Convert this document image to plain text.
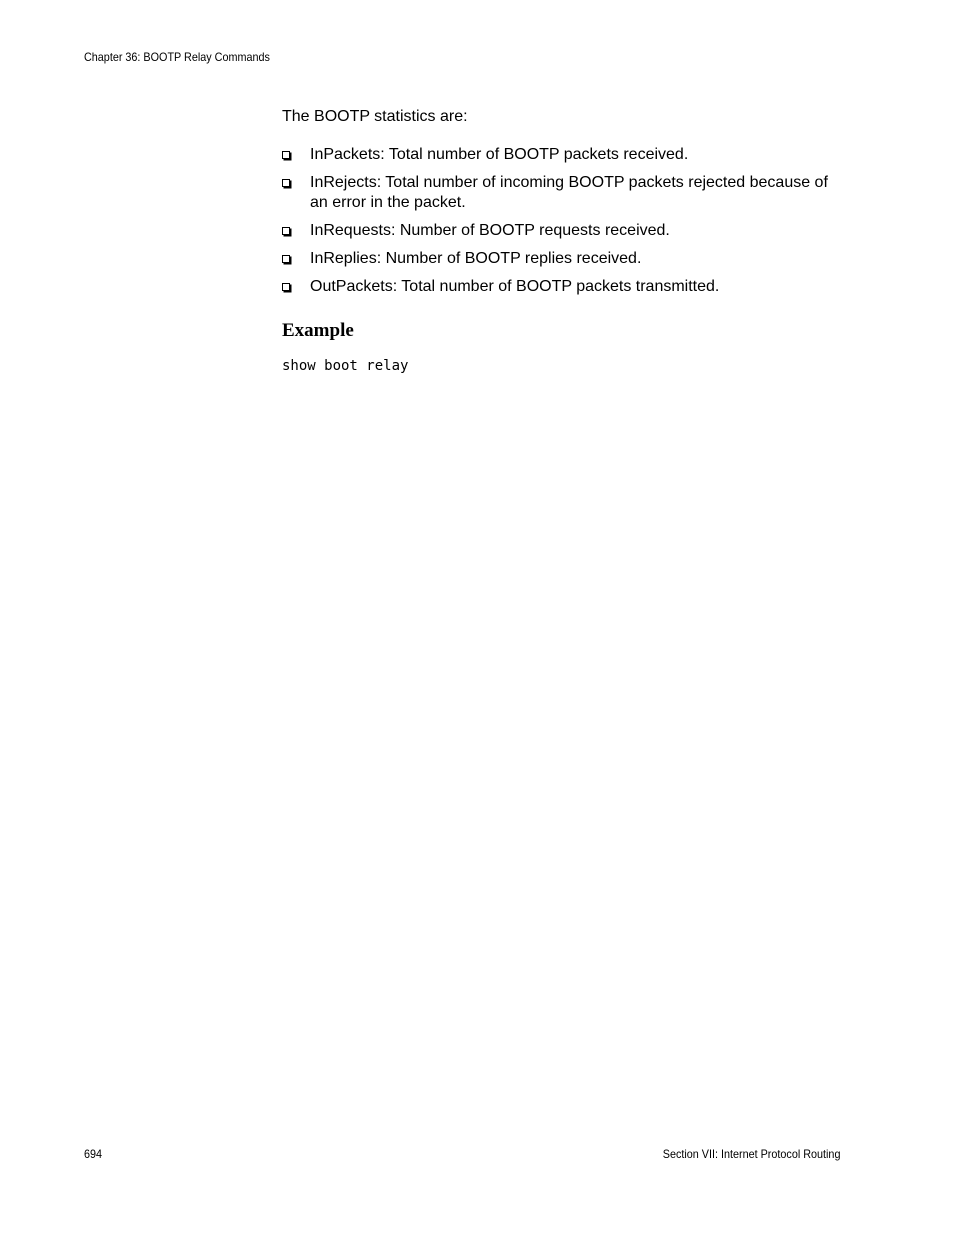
Chapter 36: BOOTP Relay Commands

The BOOTP statistics are:

InPackets: Total number of BOOTP packets received.
InRejects: Total number of incoming BOOTP packets rejected because of an error in the packet.
InRequests: Number of BOOTP requests received.
InReplies: Number of BOOTP replies received.
OutPackets: Total number of BOOTP packets transmitted.
Example
show boot relay
694	Section VII: Internet Protocol Routing
